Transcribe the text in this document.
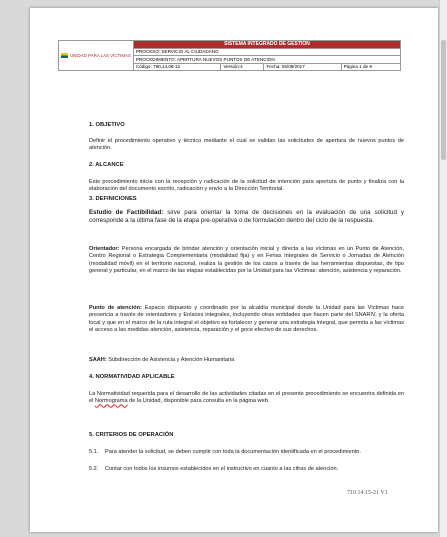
UNIDAD PARA LAS VÍCTIMAS	SISTEMA INTEGRADO DE GESTIÓN			
	PROCESO: SERVICIO AL CIUDADANO			
	PROCEDIMIENTO: APERTURA NUEVOS PUNTOS DE ATENCIÓN			
	Código: 790,14,08-12	Versión:4	Fecha: 05/09/2017	Página 1 de 9

1. OBJETIVO

Definir el procedimiento operativo y técnico mediante el cual se validan las solicitudes de apertura de nuevos puntos de atención.

2. ALCANCE

Este procedimiento inicia con la recepción y radicación de la solicitud de intención para apertura de punto y finaliza con la elaboración del documento escrito, radicación y envío a la Dirección Territorial.

3. DEFINICIONES

Estudio de Factibilidad: sirve para orientar la toma de decisiones en la evaluación de una solicitud y corresponde a la última fase de la etapa pre-operativa o de formulación dentro del ciclo de la respuesta.

Orientador: Persona encargada de brindar atención y orientación inicial y directa a las víctimas en un Punto de Atención, Centro Regional o Estrategia Complementaria (modalidad fija) y en Ferias Integrales de Servicio o Jornadas de Atención (modalidad móvil) en el territorio nacional, realiza la gestión de los casos a través de las herramientas dispuestas, de tipo general y particular, en el marco de las etapas establecidas por la Unidad para las Víctimas: atención, asistencia y reparación.

Punto de atención: Espacio dispuesto y coordinado por la alcaldía municipal donde la Unidad para las Víctimas hace presencia a través de orientadores y Enlaces integrales, incluyendo otras entidades que hacen parte del SNARIV, y la oferta local y que en el marco de la ruta integral el objetivo es fortalecer y generar una estrategia integral, que permita a las víctimas el acceso a las medidas atención, asistencia, reparación y el goce efectivo de sus derechos.

SAAH: Subdirección de Asistencia y Atención Humanitaria

4. NORMATIVIDAD APLICABLE

La Normatividad requerida para el desarrollo de las actividades citadas en el presente procedimiento se encuentra definida en el Normograma de la Unidad, disponible para consulta en la página web.

5. CRITERIOS DE OPERACIÓN

5.1. Para atender la solicitud, se deben cumplir con toda la documentación identificada en el procedimiento.
5.2. Contar con todos los insumos establecidos en el instructivo en cuanto a las cifras de atención.
710.14.15-21 V1
